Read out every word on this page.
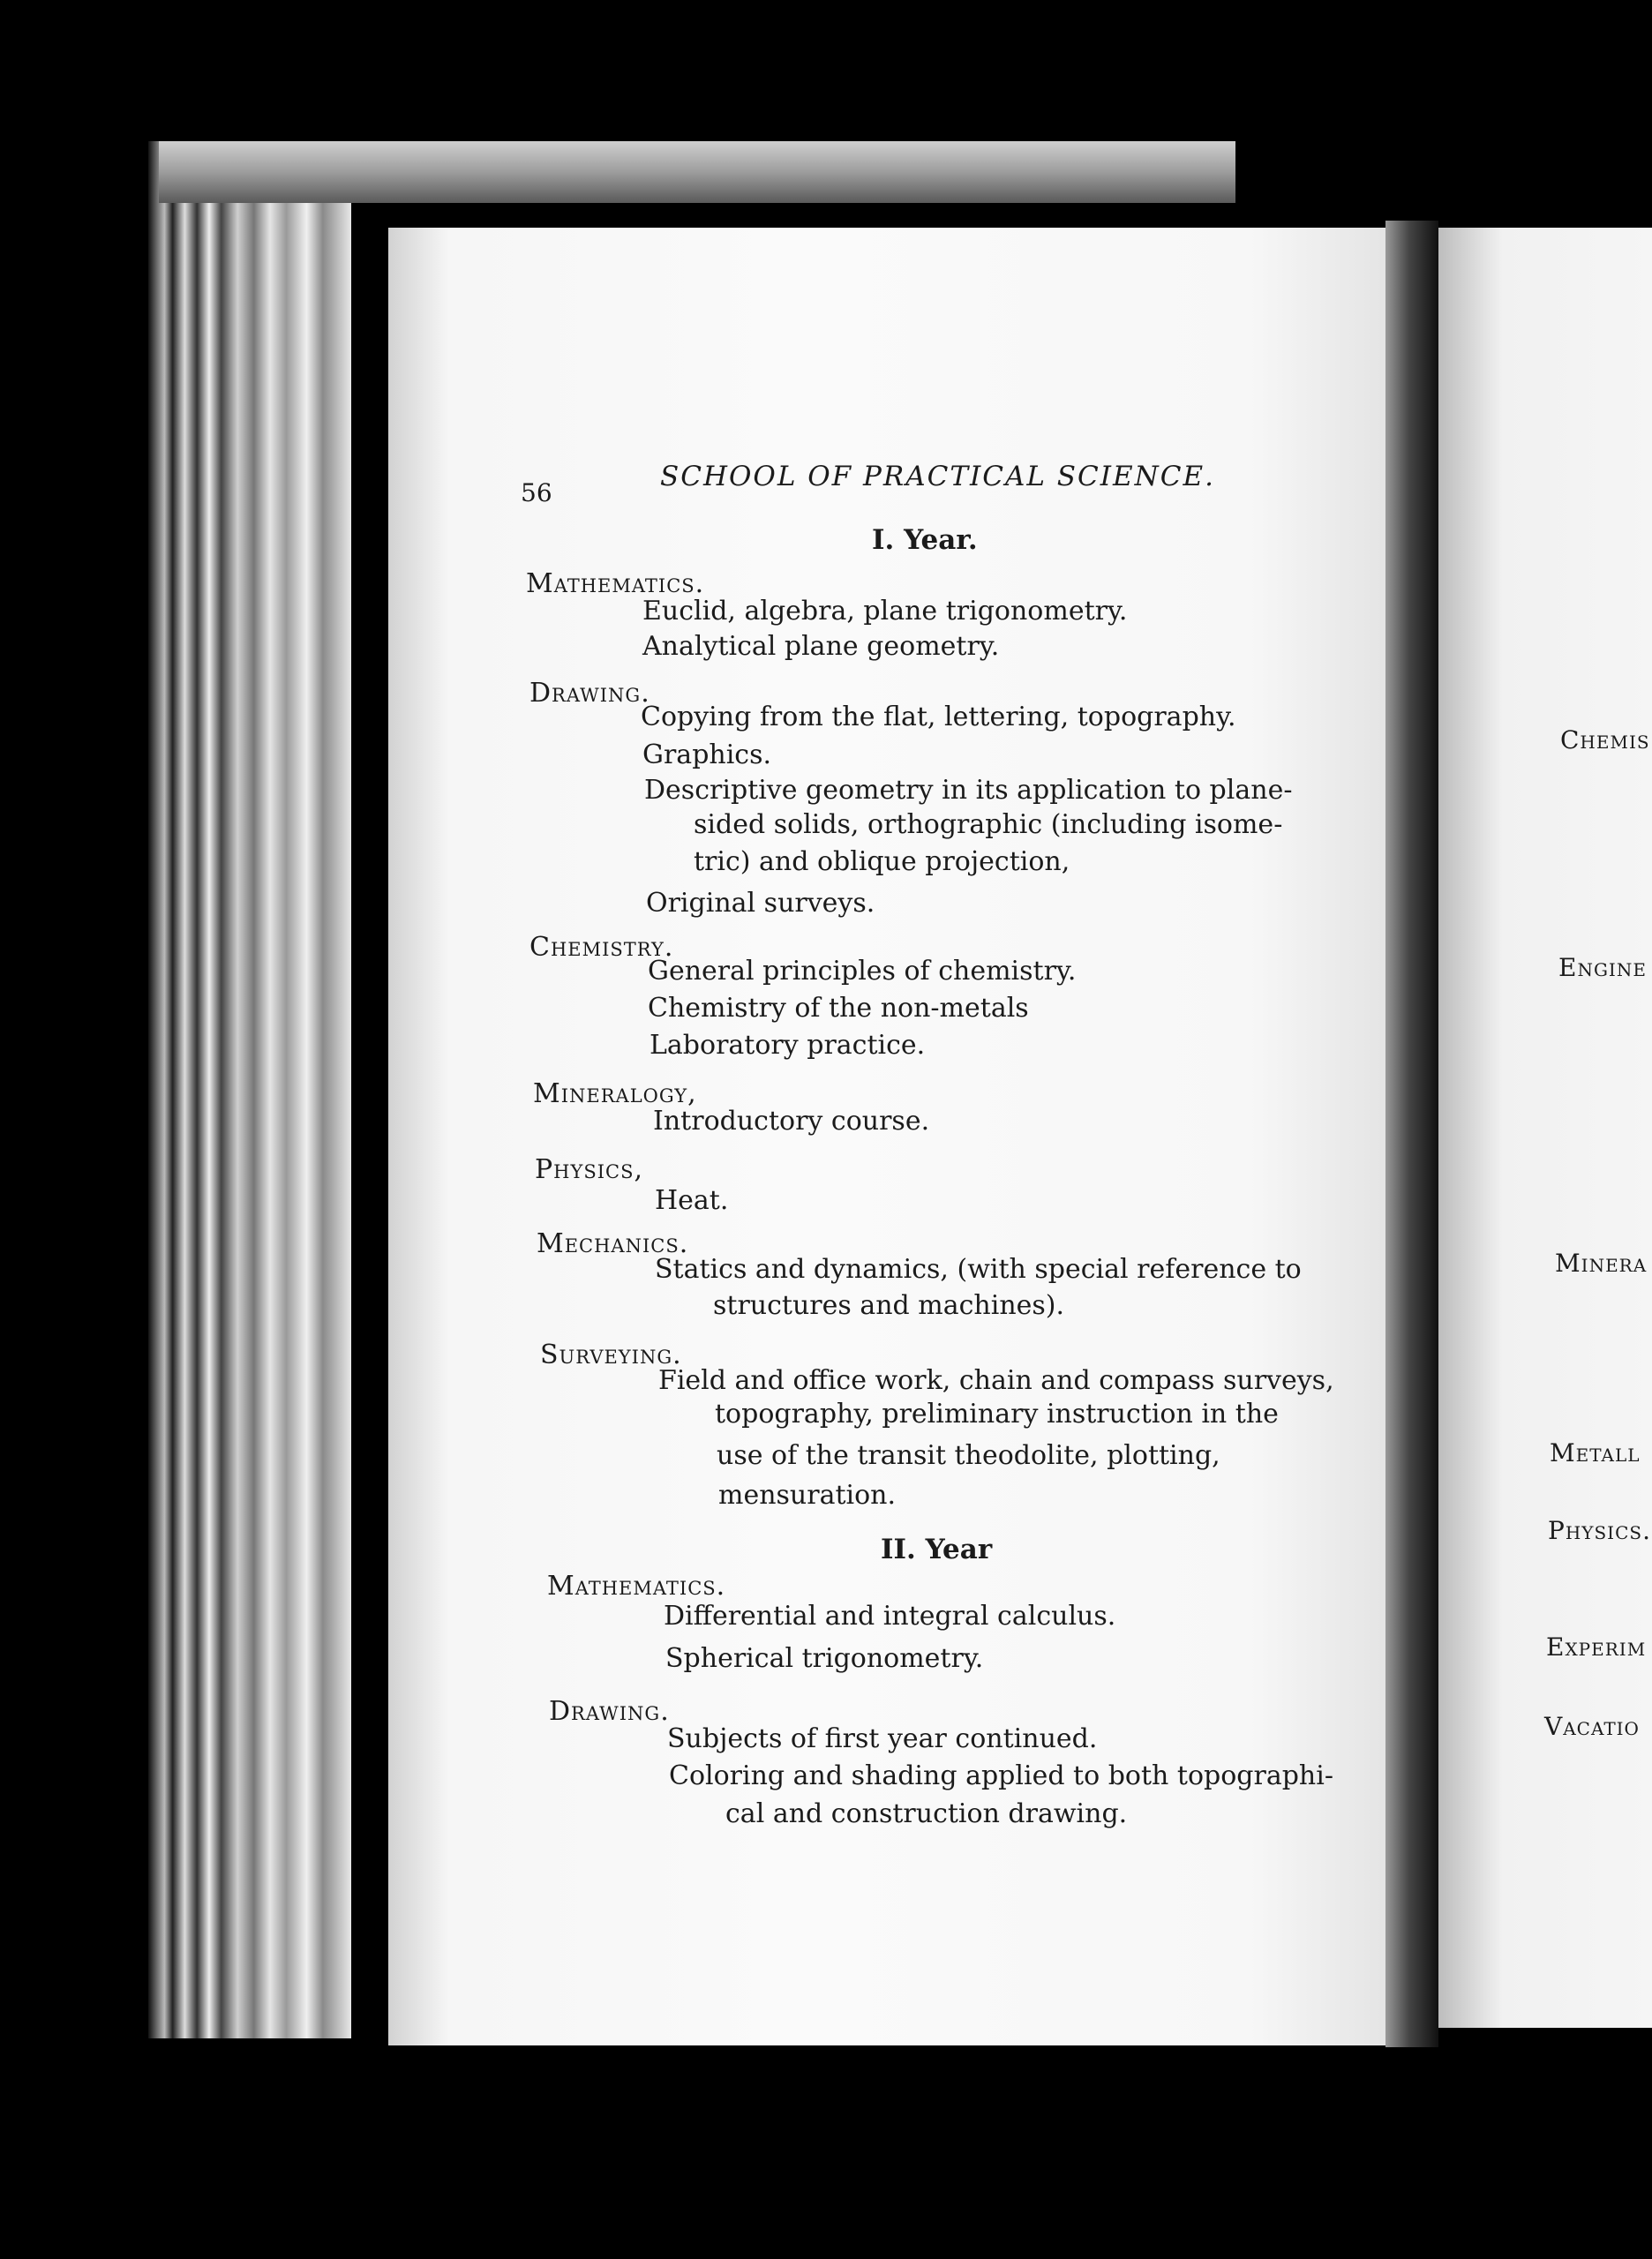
56
SCHOOL OF PRACTICAL SCIENCE.
I. Year.
Mathematics.
Euclid, algebra, plane trigonometry.
Analytical plane geometry.
Drawing.
Copying from the flat, lettering, topography.
Graphics.
Descriptive geometry in its application to plane-
sided solids, orthographic (including isome-
tric) and oblique projection,
Original surveys.
Chemistry.
General principles of chemistry.
Chemistry of the non-metals
Laboratory practice.
Mineralogy,
Introductory course.
Physics,
Heat.
Mechanics.
Statics and dynamics, (with special reference to
structures and machines).
Surveying.
Field and office work, chain and compass surveys,
topography, preliminary instruction in the
use of the transit theodolite, plotting,
mensuration.
II. Year
Mathematics.
Differential and integral calculus.
Spherical trigonometry.
Drawing.
Subjects of first year continued.
Coloring and shading applied to both topographi-
cal and construction drawing.
Chemis
Engine
Minera
Metall
Physics.
Experim
Vacatio
